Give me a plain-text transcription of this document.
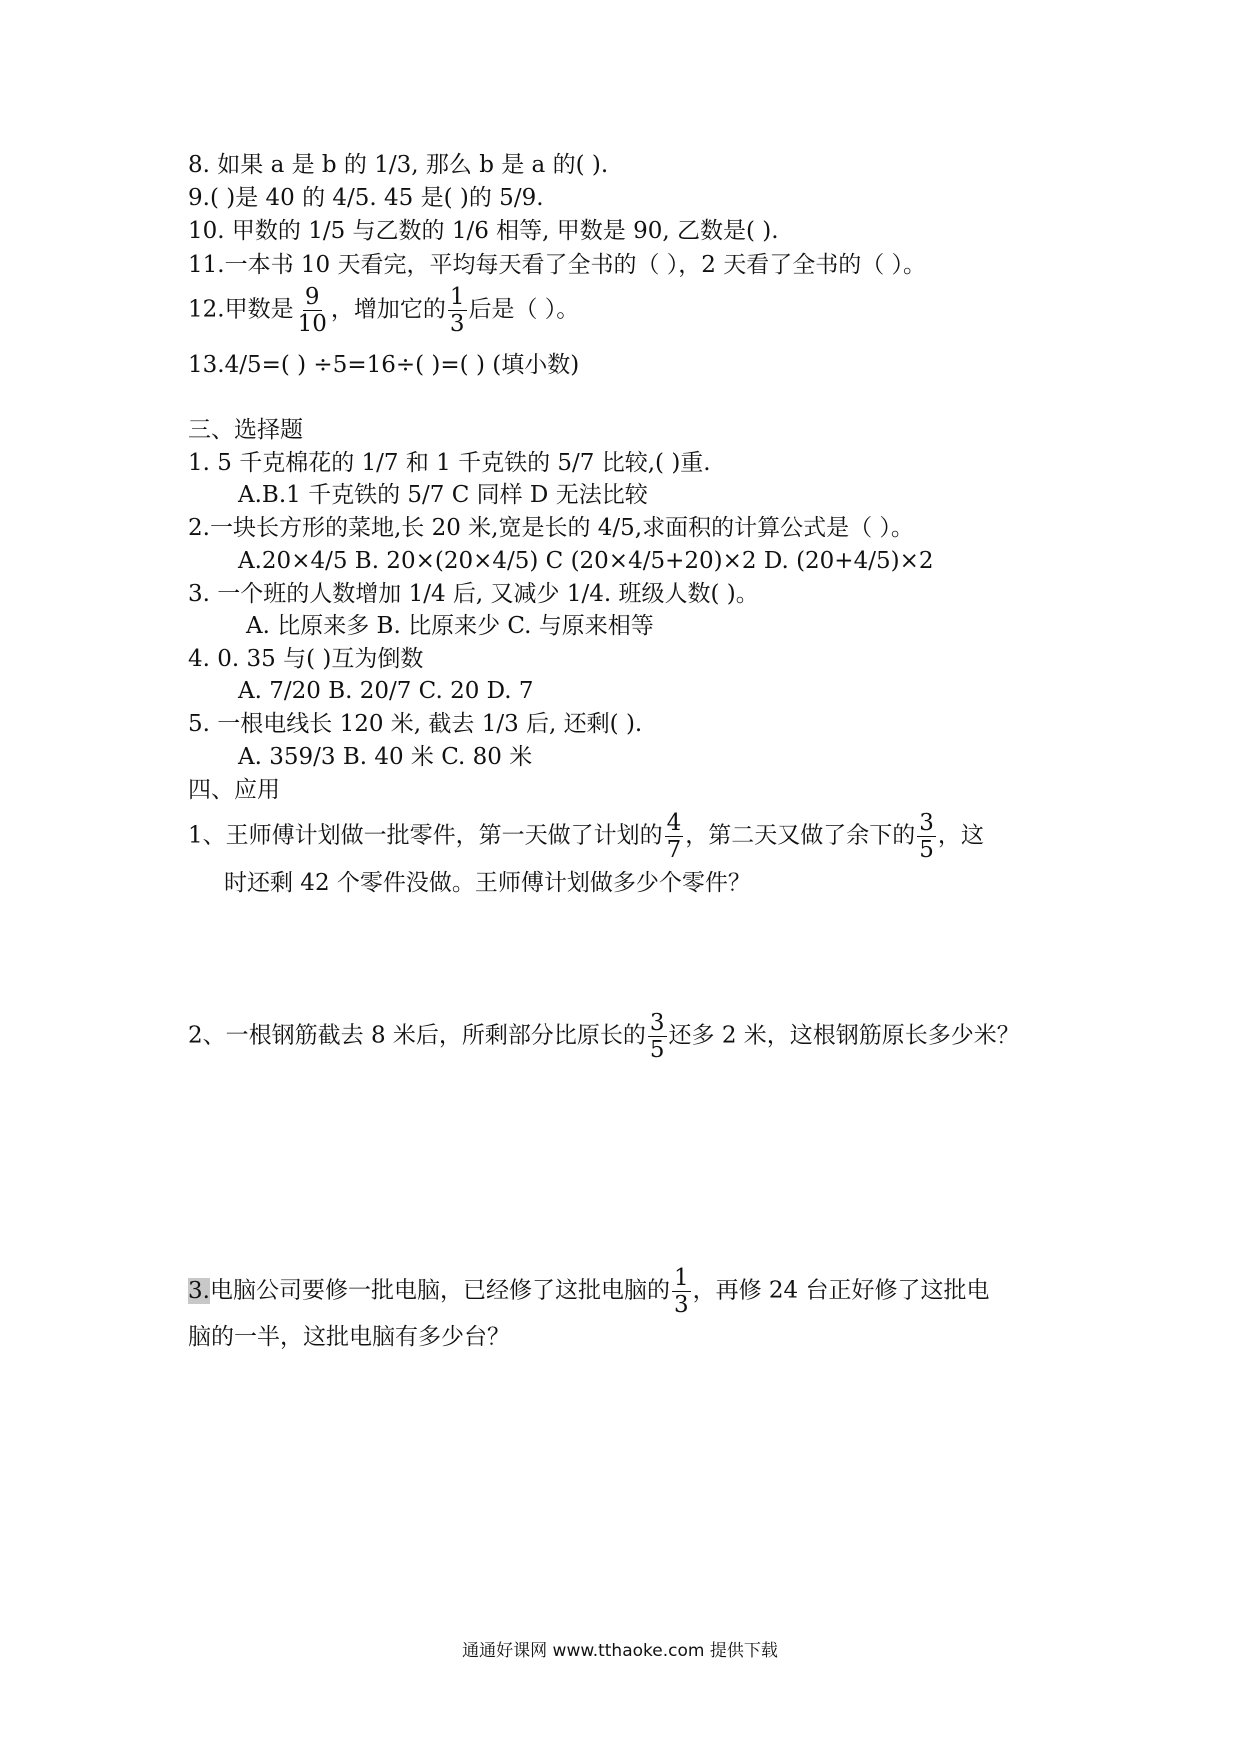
8. 如果 a 是 b 的 1/3, 那么 b 是 a 的( ).
9.( )是 40 的 4/5. 45 是( )的 5/9.
10. 甲数的 1/5 与乙数的 1/6 相等, 甲数是 90, 乙数是( ).
11.一本书 10 天看完，平均每天看了全书的（ ），2 天看了全书的（ ）。
12.甲数是 $\frac{9}{10}$ ，增加它的 $\frac{1}{3}$ 后是（ ）。
13.4/5=( ) ÷5=16÷( )=( ) (填小数)
三、选择题
1. 5 千克棉花的 1/7 和 1 千克铁的 5/7 比较,( )重.
A.B.1 千克铁的 5/7 C 同样 D 无法比较
2.一块长方形的菜地,长 20 米,宽是长的 4/5,求面积的计算公式是（ ）。
A.20×4/5 B. 20×(20×4/5) C (20×4/5+20)×2 D. (20+4/5)×2
3. 一个班的人数增加 1/4 后, 又减少 1/4. 班级人数( )。
A. 比原来多 B. 比原来少 C. 与原来相等
4. 0. 35 与( )互为倒数
A. 7/20 B. 20/7 C. 20 D. 7
5. 一根电线长 120 米, 截去 1/3 后, 还剩( ).
A. 359/3 B. 40 米 C. 80 米
四、应用
1、王师傅计划做一批零件，第一天做了计划的 $\frac{4}{7}$ ，第二天又做了余下的 $\frac{3}{5}$ ，这
时还剩 42 个零件没做。王师傅计划做多少个零件？
2、一根钢筋截去 8 米后，所剩部分比原长的 $\frac{3}{5}$ 还多 2 米，这根钢筋原长多少米？
3.电脑公司要修一批电脑，已经修了这批电脑的 $\frac{1}{3}$ ，再修 24 台正好修了这批电
脑的一半，这批电脑有多少台？
通通好课网 www.tthaoke.com 提供下载
